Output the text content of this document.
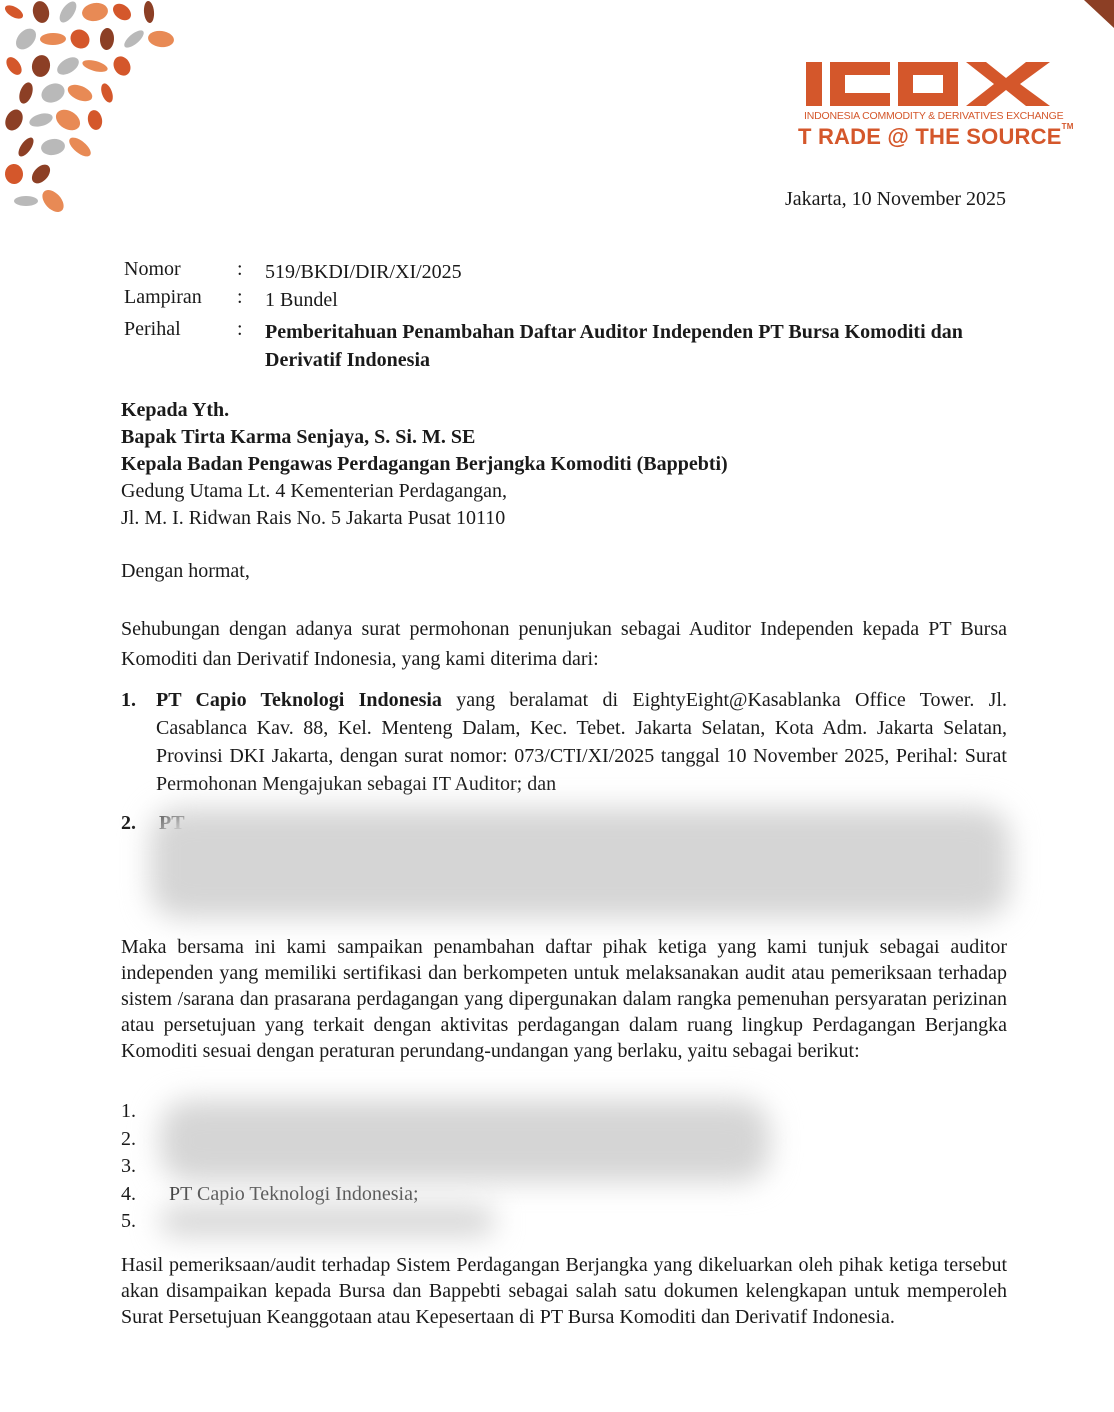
INDONESIA COMMODITY & DERIVATIVES EXCHANGE
T RADE @ THE SOURCE™
Jakarta, 10 November 2025
Nomor	: 519/BKDI/DIR/XI/2025
Lampiran : 1 Bundel
Perihal	: Pemberitahuan Penambahan Daftar Auditor Independen PT Bursa Komoditi dan Derivatif Indonesia
Kepada Yth.
Bapak Tirta Karma Senjaya, S. Si. M. SE
Kepala Badan Pengawas Perdagangan Berjangka Komoditi (Bappebti)
Gedung Utama Lt. 4 Kementerian Perdagangan,
Jl. M. I. Ridwan Rais No. 5 Jakarta Pusat 10110
Dengan hormat,
Sehubungan dengan adanya surat permohonan penunjukan sebagai Auditor Independen kepada PT Bursa Komoditi dan Derivatif Indonesia, yang kami diterima dari:
1. PT Capio Teknologi Indonesia yang beralamat di EightyEight@Kasablanka Office Tower. Jl. Casablanca Kav. 88, Kel. Menteng Dalam, Kec. Tebet. Jakarta Selatan, Kota Adm. Jakarta Selatan, Provinsi DKI Jakarta, dengan surat nomor: 073/CTI/XI/2025 tanggal 10 November 2025, Perihal: Surat Permohonan Mengajukan sebagai IT Auditor; dan
2.
Maka bersama ini kami sampaikan penambahan daftar pihak ketiga yang kami tunjuk sebagai auditor independen yang memiliki sertifikasi dan berkompeten untuk melaksanakan audit atau pemeriksaan terhadap sistem /sarana dan prasarana perdagangan yang dipergunakan dalam rangka pemenuhan persyaratan perizinan atau persetujuan yang terkait dengan aktivitas perdagangan dalam ruang lingkup Perdagangan Berjangka Komoditi sesuai dengan peraturan perundang-undangan yang berlaku, yaitu sebagai berikut:
1.
2.
3.
4. PT Capio Teknologi Indonesia;
5.
Hasil pemeriksaan/audit terhadap Sistem Perdagangan Berjangka yang dikeluarkan oleh pihak ketiga tersebut akan disampaikan kepada Bursa dan Bappebti sebagai salah satu dokumen kelengkapan untuk memperoleh Surat Persetujuan Keanggotaan atau Kepesertaan di PT Bursa Komoditi dan Derivatif Indonesia.
